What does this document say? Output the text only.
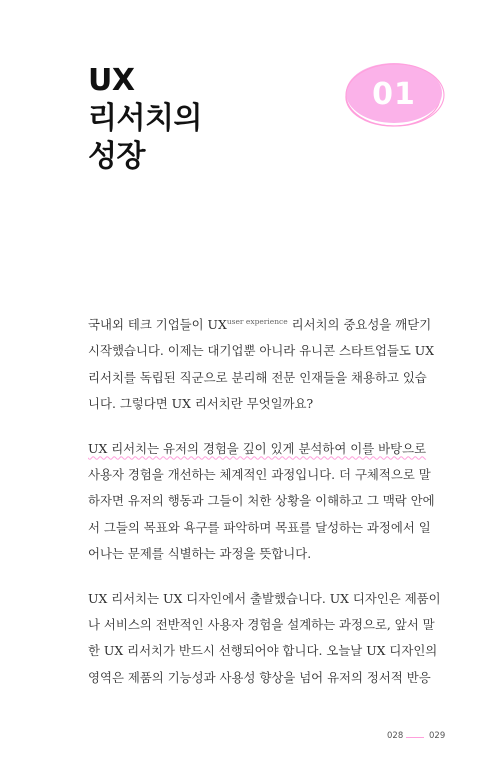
UX
리서치의
성장
01
국내외 테크 기업들이 $UX^{user experience}$ 리서치의 중요성을 깨닫기
시작했습니다. 이제는 대기업뿐 아니라 유니콘 스타트업들도 UX
리서치를 독립된 직군으로 분리해 전문 인재들을 채용하고 있습
니다. 그렇다면 UX 리서치란 무엇일까요?
UX 리서치는 유저의 경험을 깊이 있게 분석하여 이를 바탕으로
사용자 경험을 개선하는 체계적인 과정입니다. 더 구체적으로 말
하자면 유저의 행동과 그들이 처한 상황을 이해하고 그 맥락 안에
서 그들의 목표와 욕구를 파악하며 목표를 달성하는 과정에서 일
어나는 문제를 식별하는 과정을 뜻합니다.
UX 리서치는 UX 디자인에서 출발했습니다. UX 디자인은 제품이
나 서비스의 전반적인 사용자 경험을 설계하는 과정으로, 앞서 말
한 UX 리서치가 반드시 선행되어야 합니다. 오늘날 UX 디자인의
영역은 제품의 기능성과 사용성 향상을 넘어 유저의 정서적 반응
028	029
